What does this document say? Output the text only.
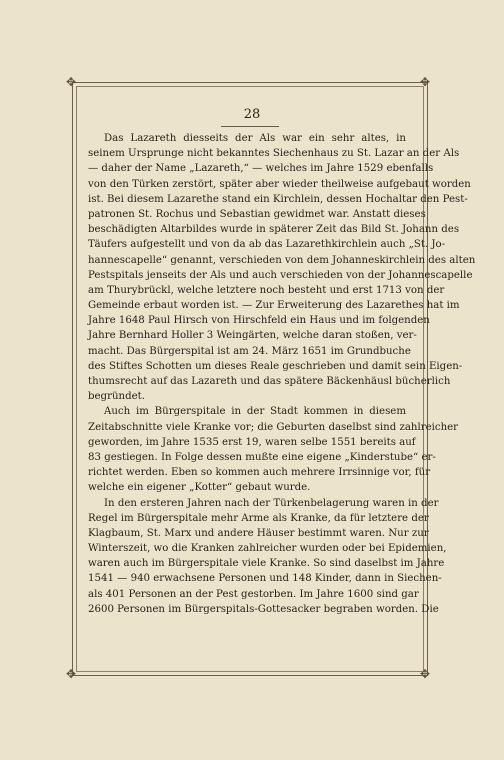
✥	✥
✥	✥
28
Das Lazareth diesseits der Als war ein sehr altes, in
seinem Ursprunge nicht bekanntes Siechenhaus zu St. Lazar an der Als
— daher der Name „Lazareth,“ — welches im Jahre 1529 ebenfalls
von den Türken zerstört, später aber wieder theilweise aufgebaut worden
ist. Bei diesem Lazarethe stand ein Kirchlein, dessen Hochaltar den Pest-
patronen St. Rochus und Sebastian gewidmet war. Anstatt dieses
beschädigten Altarbildes wurde in späterer Zeit das Bild St. Johann des
Täufers aufgestellt und von da ab das Lazarethkirchlein auch „St. Jo-
hannescapelle“ genannt, verschieden von dem Johanneskirchlein des alten
Pestspitals jenseits der Als und auch verschieden von der Johannescapelle
am Thurybrückl, welche letztere noch besteht und erst 1713 von der
Gemeinde erbaut worden ist. — Zur Erweiterung des Lazarethes hat im
Jahre 1648 Paul Hirsch von Hirschfeld ein Haus und im folgenden
Jahre Bernhard Holler 3 Weingärten, welche daran stoßen, ver-
macht. Das Bürgerspital ist am 24. März 1651 im Grundbuche
des Stiftes Schotten um dieses Reale geschrieben und damit sein Eigen-
thumsrecht auf das Lazareth und das spätere Bäckenhäusl bücherlich
begründet.
Auch im Bürgerspitale in der Stadt kommen in diesem
Zeitabschnitte viele Kranke vor; die Geburten daselbst sind zahlreicher
geworden, im Jahre 1535 erst 19, waren selbe 1551 bereits auf
83 gestiegen. In Folge dessen mußte eine eigene „Kinderstube“ er-
richtet werden. Eben so kommen auch mehrere Irrsinnige vor, für
welche ein eigener „Kotter“ gebaut wurde.
In den ersteren Jahren nach der Türkenbelagerung waren in der
Regel im Bürgerspitale mehr Arme als Kranke, da für letztere der
Klagbaum, St. Marx und andere Häuser bestimmt waren. Nur zur
Winterszeit, wo die Kranken zahlreicher wurden oder bei Epidemien,
waren auch im Bürgerspitale viele Kranke. So sind daselbst im Jahre
1541 — 940 erwachsene Personen und 148 Kinder, dann in Siechen-
als 401 Personen an der Pest gestorben. Im Jahre 1600 sind gar
2600 Personen im Bürgerspitals-Gottesacker begraben worden. Die
